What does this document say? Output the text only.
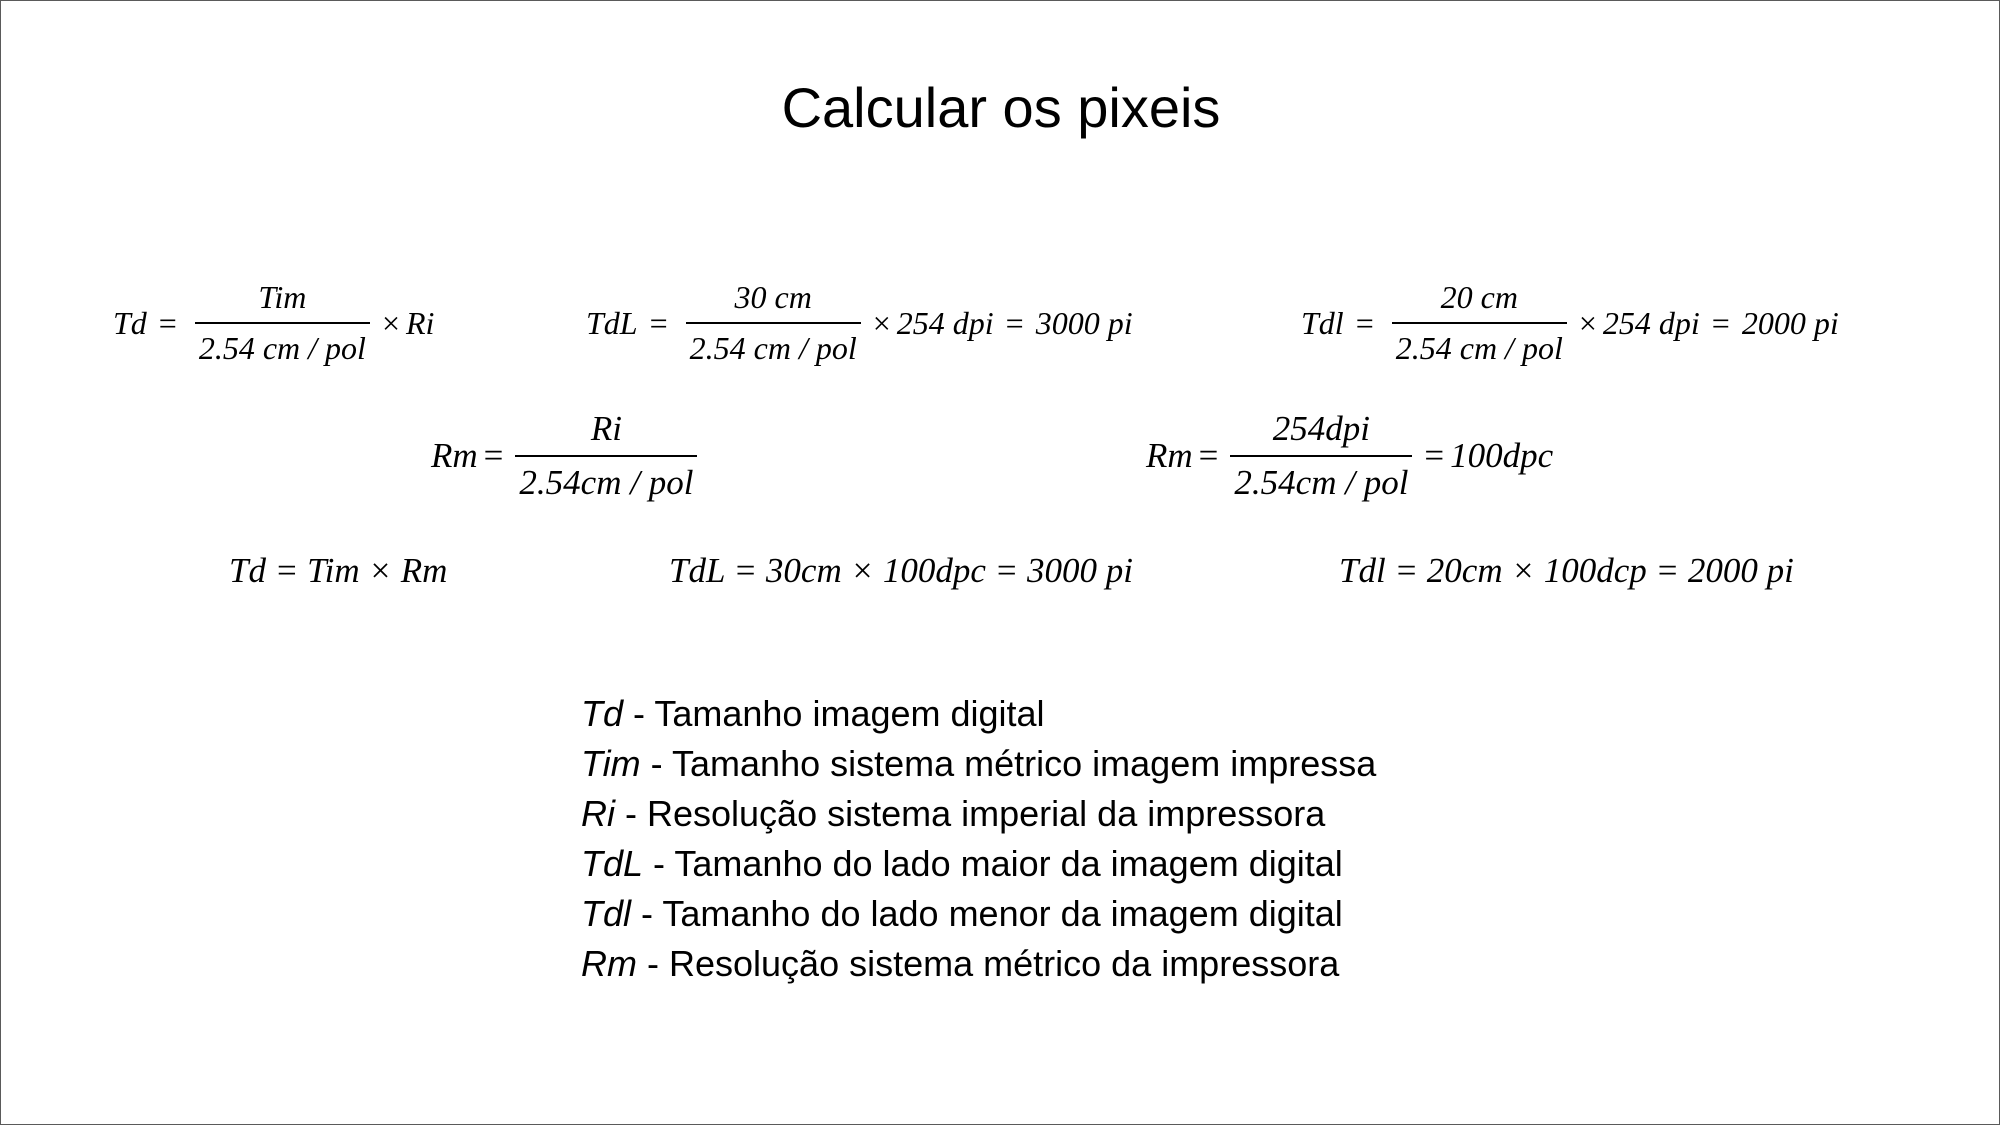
Calcular os pixeis
$Td = \frac{\text{Tim}}{\text{2.54 cm / pol}} \times Ri$	TdL = $\frac{30 cm}{\text{2.54 cm / pol}} \times 254$ dpi = 3000 pi	Tdl = $\frac{20 cm}{\text{2.54 cm / pol}} \times 254$ dpi = 2000 pi
$Rm = \frac{Ri}{\text{2.54cm / pol}}$	$Rm = \frac{\text{254dpi}}{\text{2.54cm / pol}} = 100dpc$
Td = Tim × Rm	TdL = 30cm × 100dpc = 3000 pi	Tdl = 20cm × 100dcp = 2000 pi
Td - Tamanho imagem digital
Tim - Tamanho sistema métrico imagem impressa
Ri - Resolução sistema imperial da impressora
TdL - Tamanho do lado maior da imagem digital
Tdl - Tamanho do lado menor da imagem digital
Rm - Resolução sistema métrico da impressora
